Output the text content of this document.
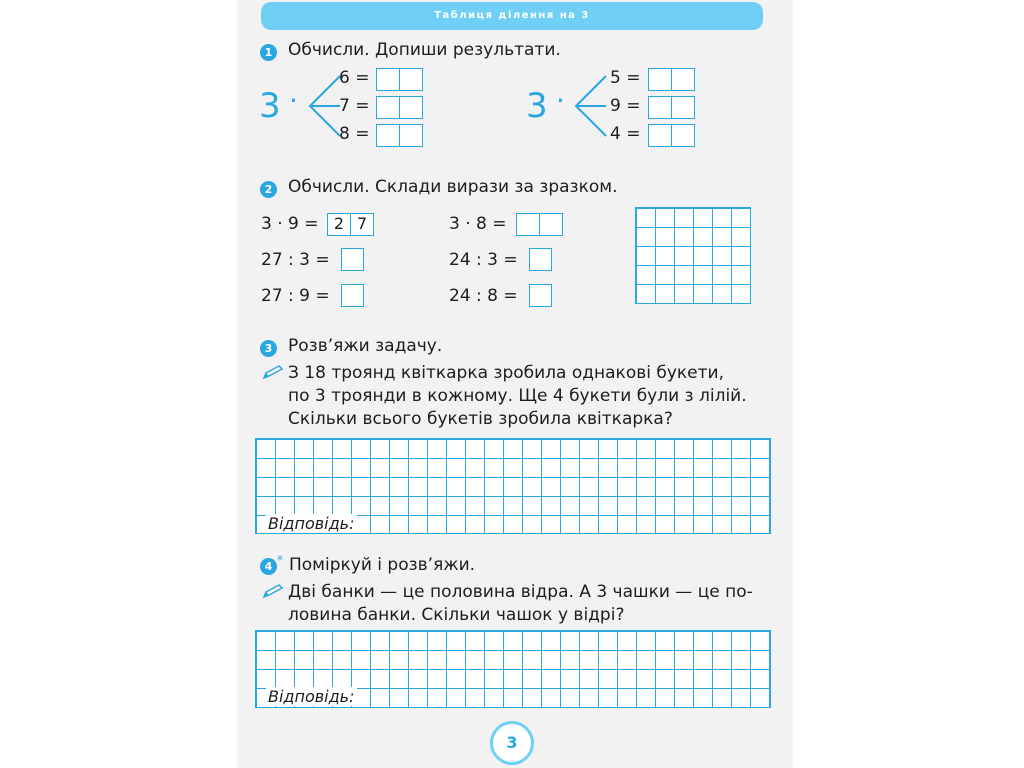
Таблиця ділення на 3
1 Обчисли. Допиши результати.
3 ·
6 =
7 =
8 =
3 ·
5 =
9 =
4 =
2 Обчисли. Склади вирази за зразком.
3 · 9 = 2 7
27 : 3 =
27 : 9 =
3 · 8 =
24 : 3 =
24 : 8 =
3 Розв’яжи задачу.
З 18 троянд квіткарка зробила однакові букети,
по 3 троянди в кожному. Ще 4 букети були з лілій.
Скільки всього букетів зробила квіткарка?
Відповідь:
4 * Поміркуй і розв’яжи.
Дві банки — це половина відра. А 3 чашки — це по-
ловина банки. Скільки чашок у відрі?
Відповідь:
3
